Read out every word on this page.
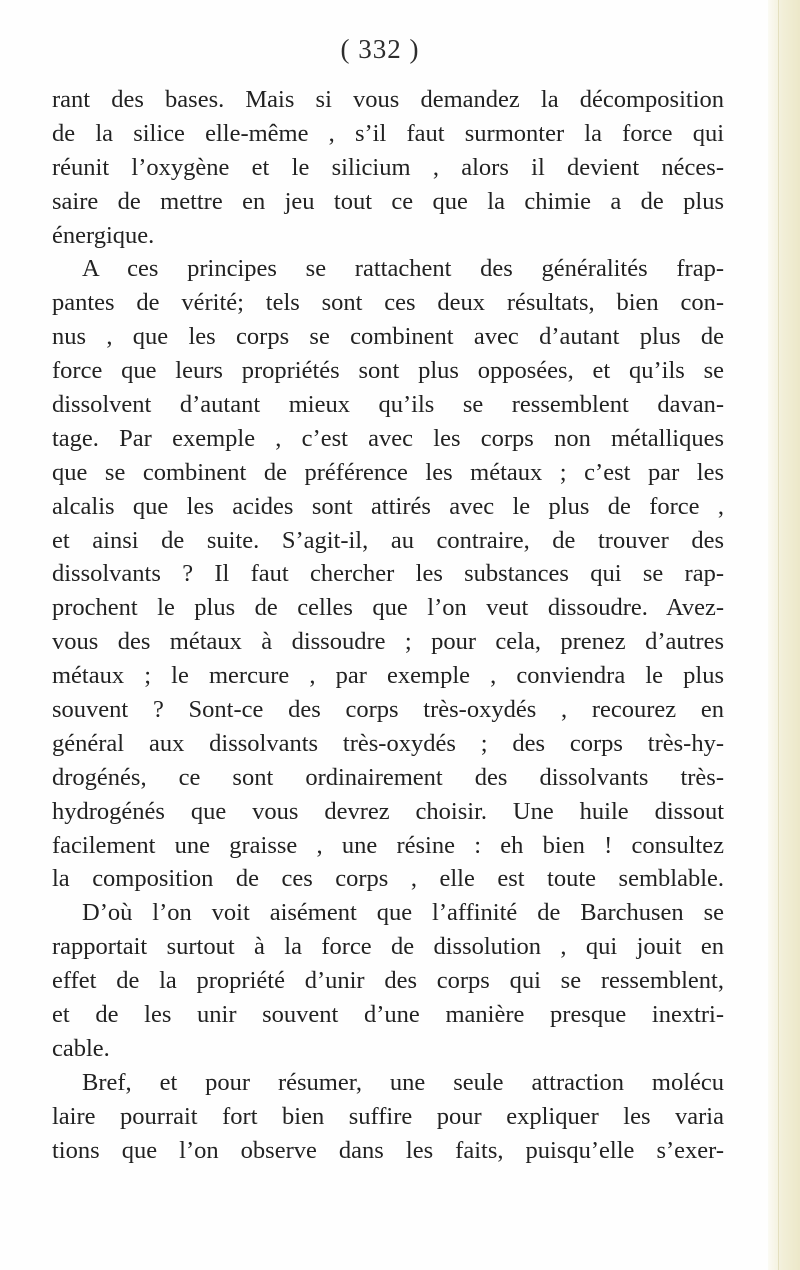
( 332 )
rant des bases. Mais si vous demandez la décomposition
de la silice elle-même , s’il faut surmonter la force qui
réunit l’oxygène et le silicium , alors il devient néces-
saire de mettre en jeu tout ce que la chimie a de plus
énergique.
A ces principes se rattachent des généralités frap-
pantes de vérité; tels sont ces deux résultats, bien con-
nus , que les corps se combinent avec d’autant plus de
force que leurs propriétés sont plus opposées, et qu’ils se
dissolvent d’autant mieux qu’ils se ressemblent davan-
tage. Par exemple , c’est avec les corps non métalliques
que se combinent de préférence les métaux ; c’est par les
alcalis que les acides sont attirés avec le plus de force ,
et ainsi de suite. S’agit-il, au contraire, de trouver des
dissolvants ? Il faut chercher les substances qui se rap-
prochent le plus de celles que l’on veut dissoudre. Avez-
vous des métaux à dissoudre ; pour cela, prenez d’autres
métaux ; le mercure , par exemple , conviendra le plus
souvent ? Sont-ce des corps très-oxydés , recourez en
général aux dissolvants très-oxydés ; des corps très-hy-
drogénés, ce sont ordinairement des dissolvants très-
hydrogénés que vous devrez choisir. Une huile dissout
facilement une graisse , une résine : eh bien ! consultez
la composition de ces corps , elle est toute semblable.
D’où l’on voit aisément que l’affinité de Barchusen se
rapportait surtout à la force de dissolution , qui jouit en
effet de la propriété d’unir des corps qui se ressemblent,
et de les unir souvent d’une manière presque inextri-
cable.
Bref, et pour résumer, une seule attraction molécu
laire pourrait fort bien suffire pour expliquer les varia
tions que l’on observe dans les faits, puisqu’elle s’exer-
